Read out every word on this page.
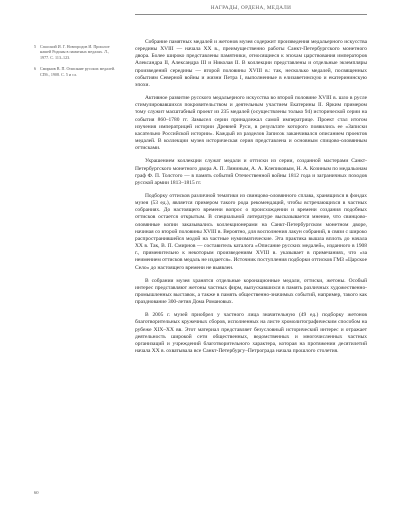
НАГРАДЫ, ОРДЕНА, МЕДАЛИ
5 Спасский И. Г. Новгородов И. Прошлое нашей Родины в памятных медалях. Л., 1977. С. 113–123.
6 Смирнов В. П. Описание русских медалей. СПб., 1908. С. 5 и сл.

Собрание памятных медалей и жетонов музея содержит произведения медальерного искусства середины XVIII — начала XX в., преимущественно работы Санкт-Петербургского монетного двора. Более широко представлены памятники, относящиеся к эпохам царствования императоров Александра II, Александра III и Николая II. В коллекции представлены и отдельные экземпляры произведений середины — второй половины XVIII в.: так, несколько медалей, посвященных событиям Северной войны и жизни Петра I, выполненные в елизаветинскую и екатерининскую эпохи.

Активное развитие русского медальерного искусства во второй половине XVIII в. шло в русле стимулировавшихся покровительством и деятельным участием Екатерины II. Ярким примером тому служит масштабный проект из 235 медалей (осуществлены только 94) исторической серии на события 860–1780 гг. Замысел серии принадлежал самой императрице. Проект стал итогом изучения императрицей истории Древней Руси, в результате которого появились ее «Записки касательно Российской истории». Каждый из разделов Записок заканчивался описанием проектов медалей. В коллекции музея историческая серия представлена и основным спицово-оловянным оттисками.

Украшением коллекции служат медали и оттиски из серии, созданной мастерами Санкт-Петербургского монетного двора А. П. Ляниным, А. А. Клепиковым, Н. А. Козиным по медальонам граф Ф. П. Толстого — в память событий Отечественной войны 1812 года и заграничных походов русской армии 1813–1815 гг.

Подборку оттисков различной тематики из свинцово-оловянного сплава, хранящихся в фондах музея (53 ед.), является примером такого рода рекомендаций, чтобы встречающихся в частных собраниях. До настоящего времени вопрос о происхождении и времени создания подобных оттисков остается открытым. В специальной литературе высказывается мнение, что свинцово-оловянные копии заказывались коллекционерами на Санкт-Петербургском монетном дворе, начиная со второй половины XVIII в. Вероятно, для восполнения лакун собраний, в связи с широко распространившейся модой на частные нумизматические. Эта практика вышла вплоть до начала XX в. Так, В. П. Смирнов — составитель каталога «Описание русских медалей», изданного в 1908 г., применительно к некоторым произведениям XVIII в. указывает в примечаниях, что «за неимением оттисков медаль не издается». Источник поступления подборки оттисков ГМЗ «Царское Село» до настоящего времени не выявлен.

В собрании музея хранятся отдельные коронационные медали, оттиски, жетоны. Особый интерес представляют жетоны частных фирм, выпускавшихся в память различных художественно-промышленных выставок, а также в память общественно-значимых событий, например, такого как празднование 300-летия Дома Романовых.

В 2005 г. музей приобрел у частного лица значительную (49 ед.) подборку жетонов благотворительных кружечных сборов, исполненных на листе хромолитографическим способом на рубеже XIX–XX вв. Этот материал представляет безусловный исторический интерес и отражает деятельность широкой сети общественных, ведомственных и многочисленных частных организаций и учреждений благотворительного характера, которая на протяжении десятилетий начала XX в. охватывала все Санкт-Петербургу–Петрограда начала прошлого столетия.

60
